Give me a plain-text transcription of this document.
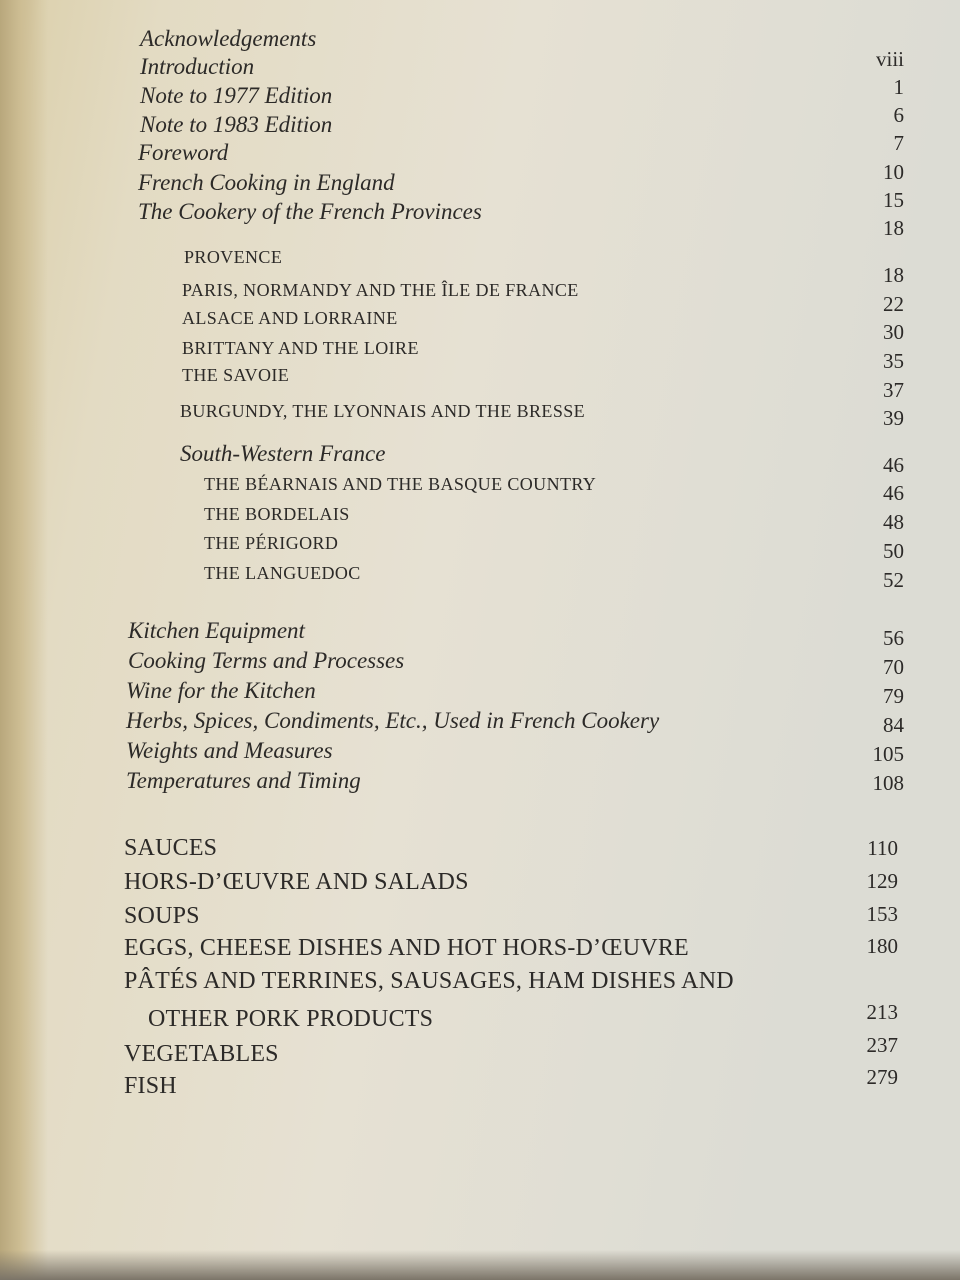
Acknowledgements
Introduction
Note to 1977 Edition
Note to 1983 Edition
Foreword
French Cooking in England
The Cookery of the French Provinces
viii
1
6
7
10
15
18
PROVENCE
PARIS, NORMANDY AND THE ÎLE DE FRANCE
ALSACE AND LORRAINE
BRITTANY AND THE LOIRE
THE SAVOIE
BURGUNDY, THE LYONNAIS AND THE BRESSE
18
22
30
35
37
39
South-Western France	46
THE BÉARNAIS AND THE BASQUE COUNTRY
THE BORDELAIS
THE PÉRIGORD
THE LANGUEDOC
46
48
50
52
Kitchen Equipment
Cooking Terms and Processes
Wine for the Kitchen
Herbs, Spices, Condiments, Etc., Used in French Cookery
Weights and Measures
Temperatures and Timing
56
70
79
84
105
108
SAUCES
HORS-D’ŒUVRE AND SALADS
SOUPS
EGGS, CHEESE DISHES AND HOT HORS-D’ŒUVRE
PÂTÉS AND TERRINES, SAUSAGES, HAM DISHES AND
OTHER PORK PRODUCTS
VEGETABLES
FISH
110
129
153
180
213
237
279
